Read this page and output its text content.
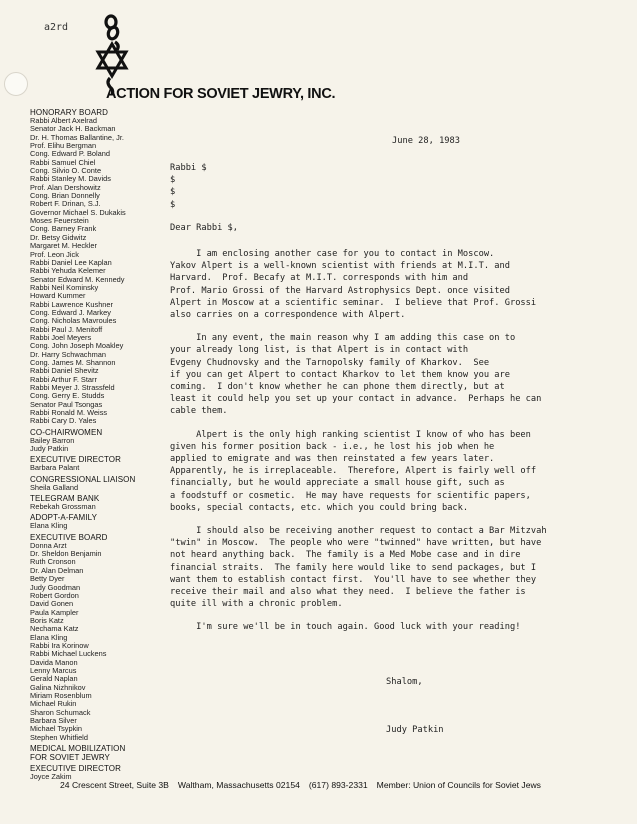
a2rd
ACTION FOR SOVIET JEWRY, INC.
HONORARY BOARD
Rabbi Albert Axelrad
Senator Jack H. Backman
Dr. H. Thomas Ballantine, Jr.
Prof. Elihu Bergman
Cong. Edward P. Boland
Rabbi Samuel Chiel
Cong. Silvio O. Conte
Rabbi Stanley M. Davids
Prof. Alan Dershowitz
Cong. Brian Donnelly
Robert F. Drinan, S.J.
Governor Michael S. Dukakis
Moses Feuerstein
Cong. Barney Frank
Dr. Betsy Gidwitz
Margaret M. Heckler
Prof. Leon Jick
Rabbi Daniel Lee Kaplan
Rabbi Yehuda Kelemer
Senator Edward M. Kennedy
Rabbi Neil Kominsky
Howard Kummer
Rabbi Lawrence Kushner
Cong. Edward J. Markey
Cong. Nicholas Mavroules
Rabbi Paul J. Menitoff
Rabbi Joel Meyers
Cong. John Joseph Moakley
Dr. Harry Schwachman
Cong. James M. Shannon
Rabbi Daniel Shevitz
Rabbi Arthur F. Starr
Rabbi Meyer J. Strassfeld
Cong. Gerry E. Studds
Senator Paul Tsongas
Rabbi Ronald M. Weiss
Rabbi Cary D. Yales
CO-CHAIRWOMEN
Bailey Barron
Judy Patkin
EXECUTIVE DIRECTOR
Barbara Palant
CONGRESSIONAL LIAISON
Sheila Galland
TELEGRAM BANK
Rebekah Grossman
ADOPT-A-FAMILY
Elana Kling
EXECUTIVE BOARD
Donna Arzt
Dr. Sheldon Benjamin
Ruth Cronson
Dr. Alan Delman
Betty Dyer
Judy Goodman
Robert Gordon
David Gonen
Paula Kampler
Boris Katz
Nechama Katz
Elana Kling
Rabbi Ira Korinow
Rabbi Michael Luckens
Davida Manon
Lenny Marcus
Gerald Naplan
Galina Nizhnikov
Miriam Rosenblum
Michael Rukin
Sharon Schumack
Barbara Silver
Michael Tsypkin
Stephen Whitfield
MEDICAL MOBILIZATION FOR SOVIET JEWRY
EXECUTIVE DIRECTOR
Joyce Zakim
June 28, 1983
Rabbi $
$
$
$
Dear Rabbi $,
I am enclosing another case for you to contact in Moscow.
Yakov Alpert is a well-known scientist with friends at M.I.T. and
Harvard.  Prof. Becafy at M.I.T. corresponds with him and
Prof. Mario Grossi of the Harvard Astrophysics Dept. once visited
Alpert in Moscow at a scientific seminar.  I believe that Prof. Grossi
also carries on a correspondence with Alpert.
In any event, the main reason why I am adding this case on to
your already long list, is that Alpert is in contact with
Evgeny Chudnovsky and the Tarnopolsky family of Kharkov.  See
if you can get Alpert to contact Kharkov to let them know you are
coming.  I don't know whether he can phone them directly, but at
least it could help you set up your contact in advance.  Perhaps he can
cable them.
Alpert is the only high ranking scientist I know of who has been
given his former position back - i.e., he lost his job when he
applied to emigrate and was then reinstated a few years later.
Apparently, he is irreplaceable.  Therefore, Alpert is fairly well off
financially, but he would appreciate a small house gift, such as
a foodstuff or cosmetic.  He may have requests for scientific papers,
books, special contacts, etc. which you could bring back.
I should also be receiving another request to contact a Bar Mitzvah
"twin" in Moscow.  The people who were "twinned" have written, but have
not heard anything back.  The family is a Med Mobe case and in dire
financial straits.  The family here would like to send packages, but I
want them to establish contact first.  You'll have to see whether they
receive their mail and also what they need.  I believe the father is
quite ill with a chronic problem.
I'm sure we'll be in touch again. Good luck with your reading!
Shalom,
Judy Patkin
24 Crescent Street, Suite 3B Waltham, Massachusetts 02154 (617) 893-2331 Member: Union of Councils for Soviet Jews
